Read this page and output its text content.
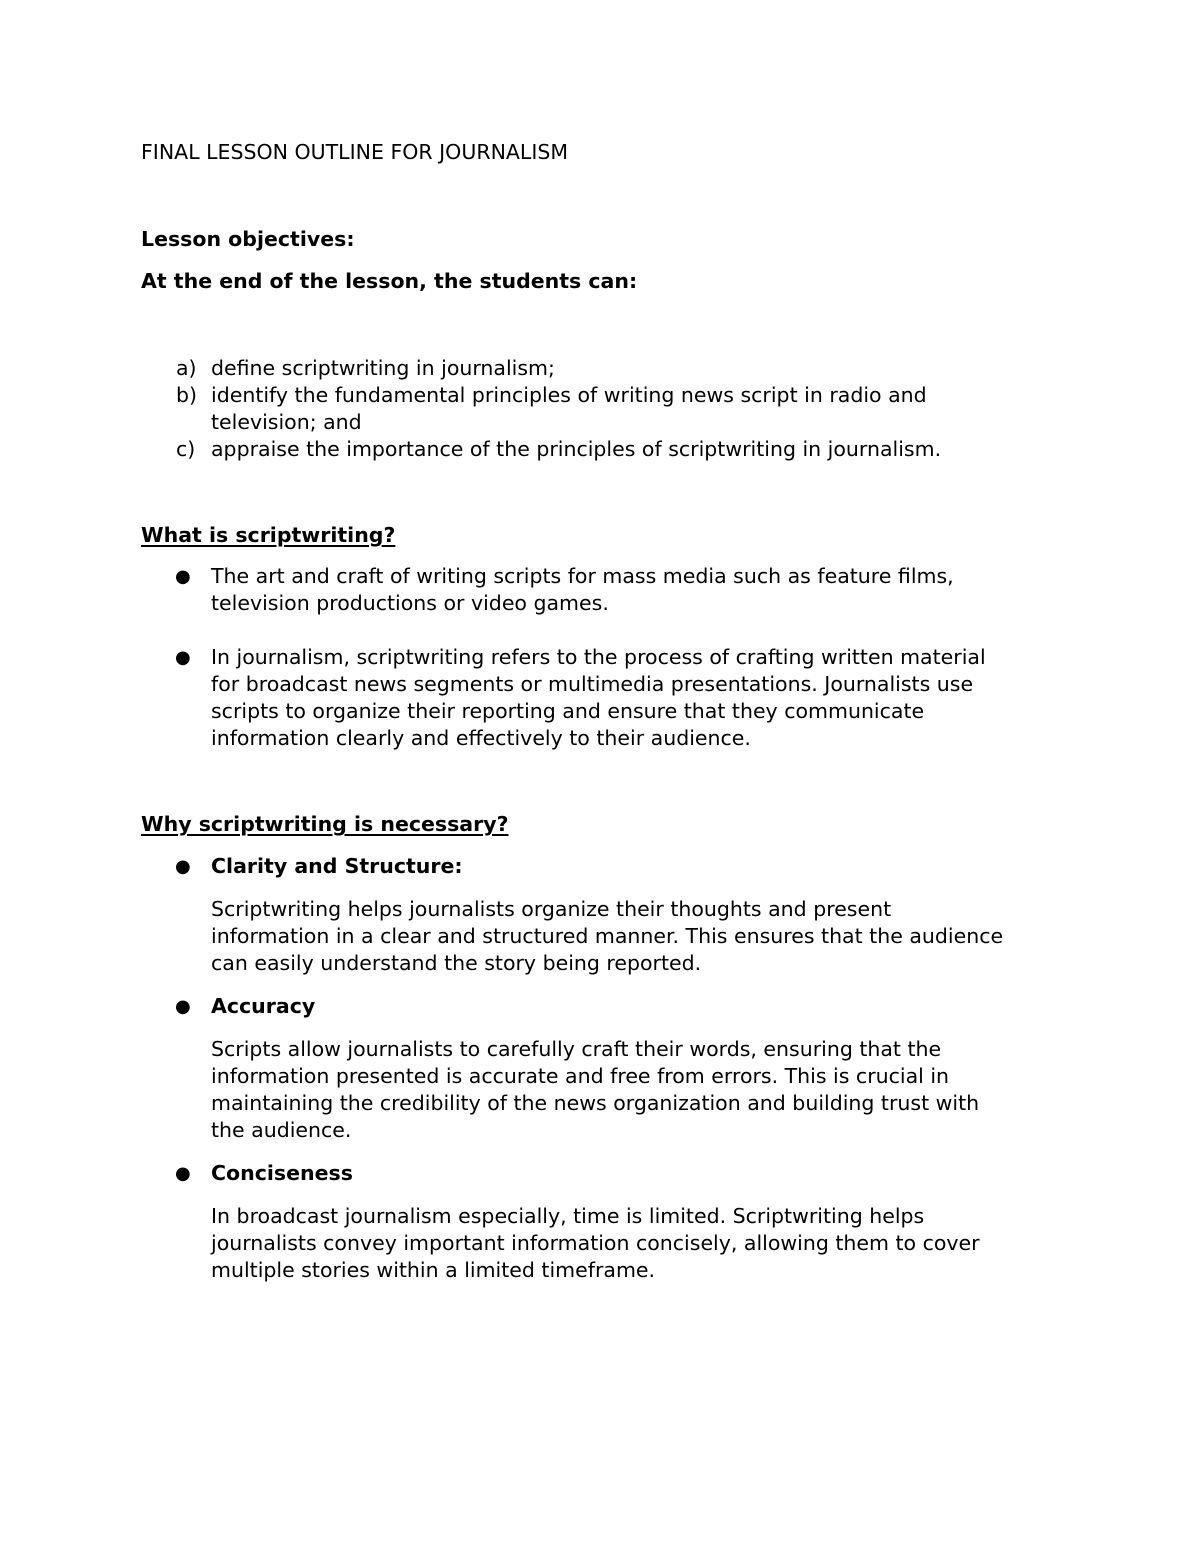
FINAL LESSON OUTLINE FOR JOURNALISM

Lesson objectives:

At the end of the lesson, the students can:

a) define scriptwriting in journalism;
b) identify the fundamental principles of writing news script in radio and
television; and
c) appraise the importance of the principles of scriptwriting in journalism.

What is scriptwriting?

● The art and craft of writing scripts for mass media such as feature films,
television productions or video games.
● In journalism, scriptwriting refers to the process of crafting written material
for broadcast news segments or multimedia presentations. Journalists use
scripts to organize their reporting and ensure that they communicate
information clearly and effectively to their audience.

Why scriptwriting is necessary?

● Clarity and Structure:
Scriptwriting helps journalists organize their thoughts and present
information in a clear and structured manner. This ensures that the audience
can easily understand the story being reported.
● Accuracy
Scripts allow journalists to carefully craft their words, ensuring that the
information presented is accurate and free from errors. This is crucial in
maintaining the credibility of the news organization and building trust with
the audience.
● Conciseness
In broadcast journalism especially, time is limited. Scriptwriting helps
journalists convey important information concisely, allowing them to cover
multiple stories within a limited timeframe.
